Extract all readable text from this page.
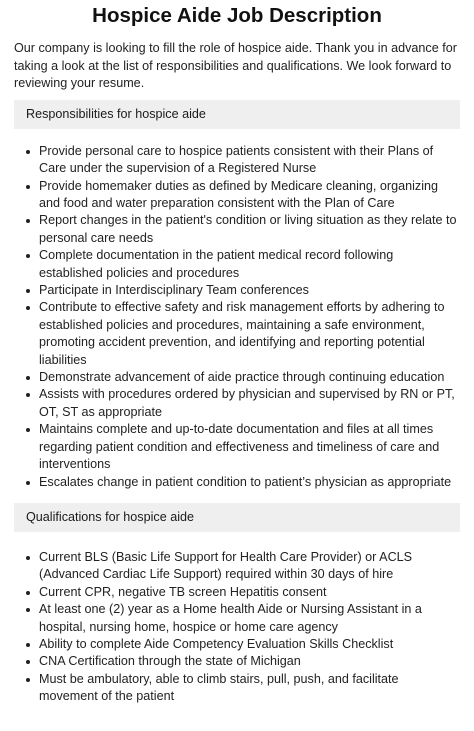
Hospice Aide Job Description

Our company is looking to fill the role of hospice aide. Thank you in advance for taking a look at the list of responsibilities and qualifications. We look forward to reviewing your resume.

Responsibilities for hospice aide
Provide personal care to hospice patients consistent with their Plans of Care under the supervision of a Registered Nurse
Provide homemaker duties as defined by Medicare cleaning, organizing and food and water preparation consistent with the Plan of Care
Report changes in the patient's condition or living situation as they relate to personal care needs
Complete documentation in the patient medical record following established policies and procedures
Participate in Interdisciplinary Team conferences
Contribute to effective safety and risk management efforts by adhering to established policies and procedures, maintaining a safe environment, promoting accident prevention, and identifying and reporting potential liabilities
Demonstrate advancement of aide practice through continuing education
Assists with procedures ordered by physician and supervised by RN or PT, OT, ST as appropriate
Maintains complete and up-to-date documentation and files at all times regarding patient condition and effectiveness and timeliness of care and interventions
Escalates change in patient condition to patient’s physician as appropriate
Qualifications for hospice aide
Current BLS (Basic Life Support for Health Care Provider) or ACLS (Advanced Cardiac Life Support) required within 30 days of hire
Current CPR, negative TB screen Hepatitis consent
At least one (2) year as a Home health Aide or Nursing Assistant in a hospital, nursing home, hospice or home care agency
Ability to complete Aide Competency Evaluation Skills Checklist
CNA Certification through the state of Michigan
Must be ambulatory, able to climb stairs, pull, push, and facilitate movement of the patient
